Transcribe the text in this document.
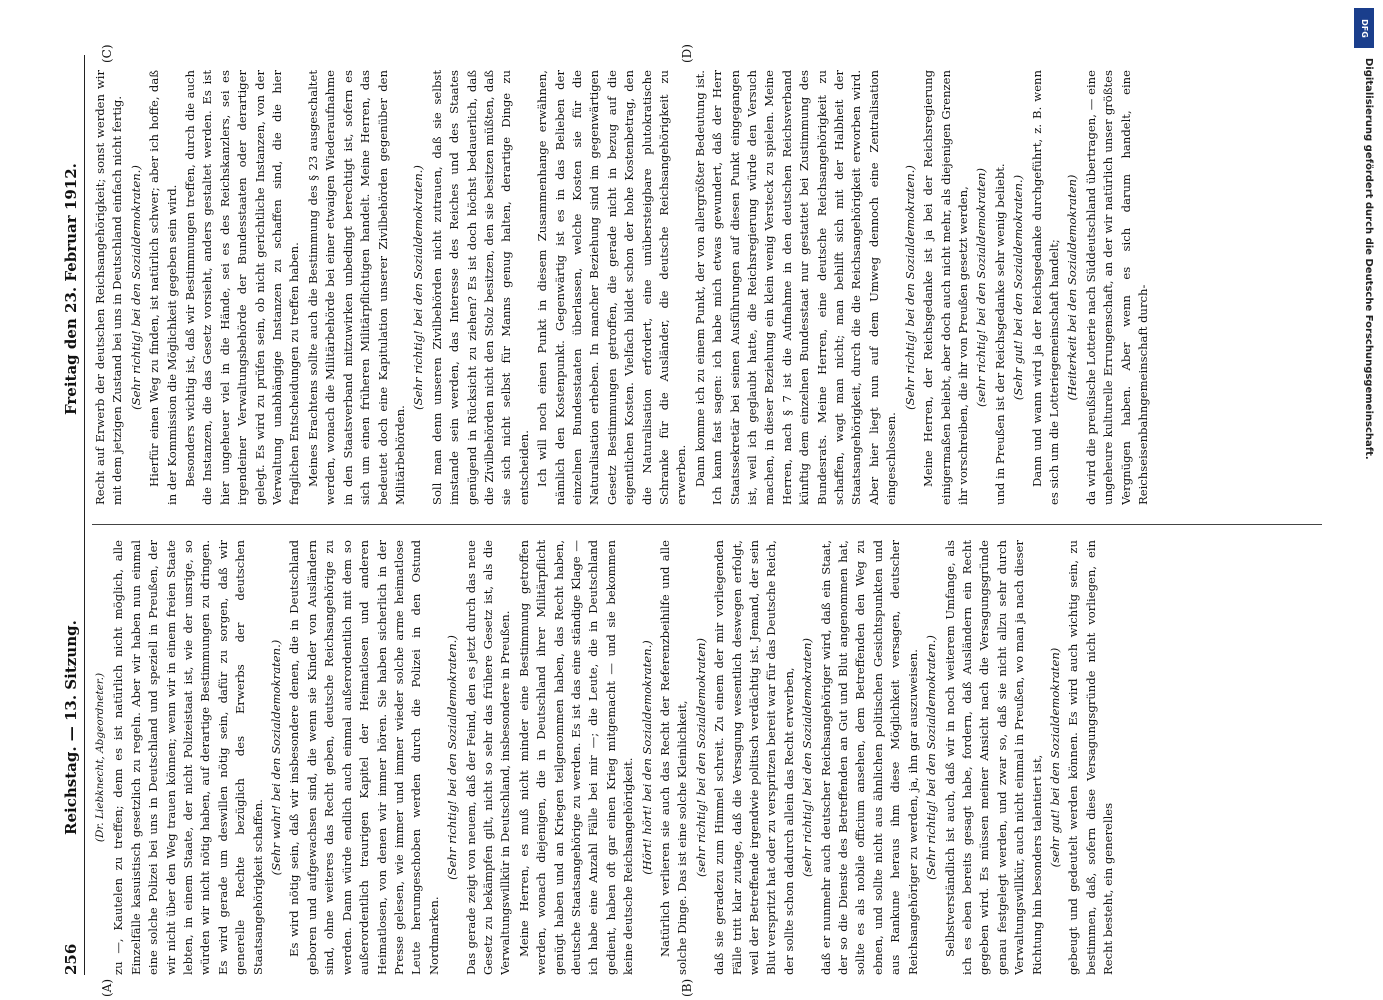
256
Reichstag. — 13. Sitzung.
Freitag den 23. Februar 1912.
(A)	(B)
(C)	(D)

(Dr. Liebknecht, Abgeordneter.) zu —, Kautelen zu treffen; denn es ist natürlich nicht möglich, alle Einzelfälle kasuistisch gesetzlich zu regeln. Aber wir haben nun einmal eine solche Polizei bei uns in Deutschland und speziell in Preußen, der wir nicht über den Weg trauen können; wenn wir in einem freien Staate lebten, in einem Staate, der nicht Polizeistaat ist, wie der unsrige, so würden wir nicht nötig haben, auf derartige Bestimmungen zu dringen. Es wird gerade um deswillen nötig sein, dafür zu sorgen, daß wir generelle Rechte bezüglich des Erwerbs der deutschen Staatsangehörigkeit schaffen.

(Sehr wahr! bei den Sozialdemokraten.) Es wird nötig sein, daß wir insbesondere denen, die in Deutschland geboren und aufgewachsen sind, die wenn sie Kinder von Ausländern sind, ohne weiteres das Recht geben, deutsche Reichsangehörige zu werden. Dann würde endlich auch einmal außerordentlich mit dem so außerordentlich traurigen Kapitel der Heimatlosen und anderen Heimatlosen, von denen wir immer hören. Sie haben sicherlich in der Presse gelesen, wie immer und immer wieder solche arme heimatlose Leute herumgeschoben werden durch die Polizei in den Ostund Nordmarken.

(Sehr richtig! bei den Sozialdemokraten.) Das gerade zeigt von neuem, daß der Feind, den es jetzt durch das neue Gesetz zu bekämpfen gilt, nicht so sehr das frühere Gesetz ist, als die Verwaltungswillkür in Deutschland, insbesondere in Preußen. Meine Herren, es muß nicht minder eine Bestimmung getroffen werden, wonach diejenigen, die in Deutschland ihrer Militärpflicht genügt haben und an Kriegen teilgenommen haben, das Recht haben, deutsche Staatsangehörige zu werden. Es ist das eine ständige Klage — ich habe eine Anzahl Fälle bei mir —; die Leute, die in Deutschland gedient, haben oft gar einen Krieg mitgemacht — und sie bekommen keine deutsche Reichsangehörigkeit. (Hört! hört! bei den Sozialdemokraten.) Natürlich verlieren sie auch das Recht der Referenzbeihilfe und alle solche Dinge. Das ist eine solche Kleinlichkeit, (sehr richtig! bei den Sozialdemokraten) daß sie geradezu zum Himmel schreit. Zu einem der mir vorliegenden Fälle tritt klar zutage, daß die Versagung wesentlich deswegen erfolgt, weil der Betreffende irgendwie politisch verdächtig ist. Jemand, der sein Blut verspritzt hat oder zu verspritzen bereit war für das Deutsche Reich, der sollte schon dadurch allein das Recht erwerben, (sehr richtig! bei den Sozialdemokraten) daß er nunmehr auch deutscher Reichsangehöriger wird, daß ein Staat, der so die Dienste des Betreffenden an Gut und Blut angenommen hat, sollte es als nobile officium ansehen, dem Betreffenden den Weg zu ebnen, und sollte nicht aus ähnlichen politischen Gesichtspunkten und aus Rankune heraus ihm diese Möglichkeit versagen, deutscher Reichsangehöriger zu werden, ja, ihn gar auszuweisen. (Sehr richtig! bei den Sozialdemokraten.) Selbstverständlich ist auch, daß wir in noch weiterem Umfange, als ich es eben bereits gesagt habe, fordern, daß Ausländern ein Recht gegeben wird. Es müssen meiner Ansicht nach die Versagungsgründe genau festgelegt werden, und zwar so, daß sie nicht allzu sehr durch Verwaltungswillkür, auch nicht einmal in Preußen, wo man ja nach dieser Richtung hin besonders talentiert ist, (sehr gut! bei den Sozialdemokraten) gebeugt und gedeutelt werden können. Es wird auch wichtig sein, zu bestimmen, daß, sofern diese Versagungsgründe nicht vorliegen, ein Recht besteht, ein generelles

Recht auf Erwerb der deutschen Reichsangehörigkeit; sonst werden wir mit dem jetzigen Zustand bei uns in Deutschland einfach nicht fertig. (Sehr richtig! bei den Sozialdemokraten.) Hierfür einen Weg zu finden, ist natürlich schwer; aber ich hoffe, daß in der Kommission die Möglichkeit gegeben sein wird. Besonders wichtig ist, daß wir Bestimmungen treffen, durch die auch die Instanzen, die das Gesetz vorsieht, anders gestaltet werden. Es ist hier ungeheuer viel in die Hände, sei es des Reichskanzlers, sei es irgendeiner Verwaltungsbehörde der Bundesstaaten oder derartiger gelegt. Es wird zu prüfen sein, ob nicht gerichtliche Instanzen, von der Verwaltung unabhängige Instanzen zu schaffen sind, die die hier fraglichen Entscheidungen zu treffen haben. Meines Erachtens sollte auch die Bestimmung des § 23 ausgeschaltet werden, wonach die Militärbehörde bei einer etwaigen Wiederaufnahme in den Staatsverband mitzuwirken unbedingt berechtigt ist, sofern es sich um einen früheren Militärpflichtigen handelt. Meine Herren, das bedeutet doch eine Kapitulation unserer Zivilbehörden gegenüber den Militärbehörden.

(Sehr richtig! bei den Sozialdemokraten.) Soll man denn unseren Zivilbehörden nicht zutrauen, daß sie selbst imstande sein werden, das Interesse des Reiches und des Staates genügend in Rücksicht zu ziehen? Es ist doch höchst bedauerlich, daß die Zivilbehörden nicht den Stolz besitzen, den sie besitzen müßten, daß sie sich nicht selbst für Manns genug halten, derartige Dinge zu entscheiden. Ich will noch einen Punkt in diesem Zusammenhange erwähnen, nämlich den Kostenpunkt. Gegenwärtig ist es in das Belieben der einzelnen Bundesstaaten überlassen, welche Kosten sie für die Naturalisation erheben. In mancher Beziehung sind im gegenwärtigen Gesetz Bestimmungen getroffen, die gerade nicht in bezug auf die eigentlichen Kosten. Vielfach bildet schon der hohe Kostenbetrag, den die Naturalisation erfordert, eine unübersteigbare plutokratische Schranke für die Ausländer, die deutsche Reichsangehörigkeit zu erwerben. Dann komme ich zu einem Punkt, der von allergrößter Bedeutung ist. Ich kann fast sagen: ich habe mich etwas gewundert, daß der Herr Staatssekretär bei seinen Ausführungen auf diesen Punkt eingegangen ist, weil ich geglaubt hatte, die Reichsregierung würde den Versuch machen, in dieser Beziehung ein klein wenig Versteck zu spielen. Meine Herren, nach § 7 ist die Aufnahme in den deutschen Reichsverband künftig dem einzelnen Bundesstaat nur gestattet bei Zustimmung des Bundesrats. Meine Herren, eine deutsche Reichsangehörigkeit zu schaffen, wagt man nicht; man behilft sich mit der Halbheit der Staatsangehörigkeit, durch die die Reichsangehörigkeit erworben wird. Aber hier liegt nun auf dem Umweg dennoch eine Zentralisation eingeschlossen.

(Sehr richtig! bei den Sozialdemokraten.) Meine Herren, der Reichsgedanke ist ja bei der Reichsregierung einigermaßen beliebt, aber doch auch nicht mehr, als diejenigen Grenzen ihr vorschreiben, die ihr von Preußen gesetzt werden, (sehr richtig! bei den Sozialdemokraten) und in Preußen ist der Reichsgedanke sehr wenig beliebt. (Sehr gut! bei den Sozialdemokraten.) Dann und wann wird ja der Reichsgedanke durchgeführt, z. B. wenn es sich um die Lotteriegemeinschaft handelt; (Heiterkeit bei den Sozialdemokraten) da wird die preußische Lotterie nach Süddeutschland übertragen, — eine ungeheure kulturelle Errungenschaft, an der wir natürlich unser größtes Vergnügen haben. Aber wenn es sich darum handelt, eine Reichseisenbahngemeinschaft durch-

DFG
Digitalisierung gefördert durch die Deutsche Forschungsgemeinschaft.
